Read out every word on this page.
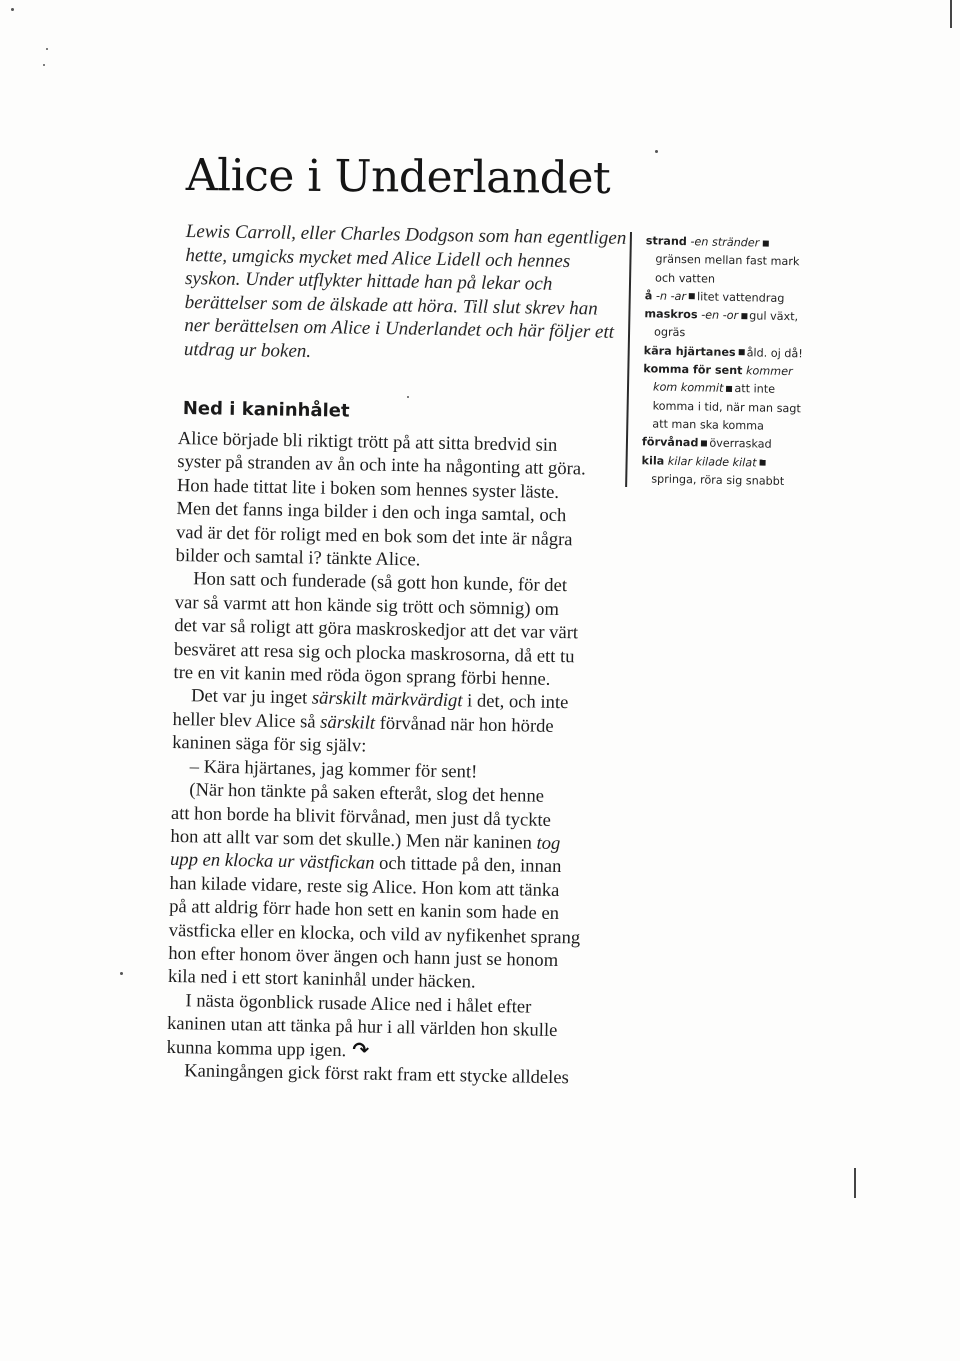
Alice i Underlandet
Lewis Carroll, eller Charles Dodgson som han egentligen
hette, umgicks mycket med Alice Lidell och hennes
syskon. Under utflykter hittade han på lekar och
berättelser som de älskade att höra. Till slut skrev han
ner berättelsen om Alice i Underlandet och här följer ett
utdrag ur boken.
Ned i kaninhålet
Alice började bli riktigt trött på att sitta bredvid sin
syster på stranden av ån och inte ha någonting att göra.
Hon hade tittat lite i boken som hennes syster läste.
Men det fanns inga bilder i den och inga samtal, och
vad är det för roligt med en bok som det inte är några
bilder och samtal i? tänkte Alice.
Hon satt och funderade (så gott hon kunde, för det
var så varmt att hon kände sig trött och sömnig) om
det var så roligt att göra maskroskedjor att det var värt
besväret att resa sig och plocka maskrosorna, då ett tu
tre en vit kanin med röda ögon sprang förbi henne.
Det var ju inget särskilt märkvärdigt i det, och inte
heller blev Alice så särskilt förvånad när hon hörde
kaninen säga för sig själv:
– Kära hjärtanes, jag kommer för sent!
(När hon tänkte på saken efteråt, slog det henne
att hon borde ha blivit förvånad, men just då tyckte
hon att allt var som det skulle.) Men när kaninen tog
upp en klocka ur västfickan och tittade på den, innan
han kilade vidare, reste sig Alice. Hon kom att tänka
på att aldrig förr hade hon sett en kanin som hade en
västficka eller en klocka, och vild av nyfikenhet sprang
hon efter honom över ängen och hann just se honom
kila ned i ett stort kaninhål under häcken.
I nästa ögonblick rusade Alice ned i hålet efter
kaninen utan att tänka på hur i all världen hon skulle
kunna komma upp igen. ↷
Kaningången gick först rakt fram ett stycke alldeles
strand -en stränder
gränsen mellan fast mark
och vatten
å -n -ar litet vattendrag
maskros -en -or gul växt,
ogräs
kära hjärtanes åld. oj då!
komma för sent kommer
kom kommit att inte
komma i tid, när man sagt
att man ska komma
förvånad överraskad
kila kilar kilade kilat
springa, röra sig snabbt
